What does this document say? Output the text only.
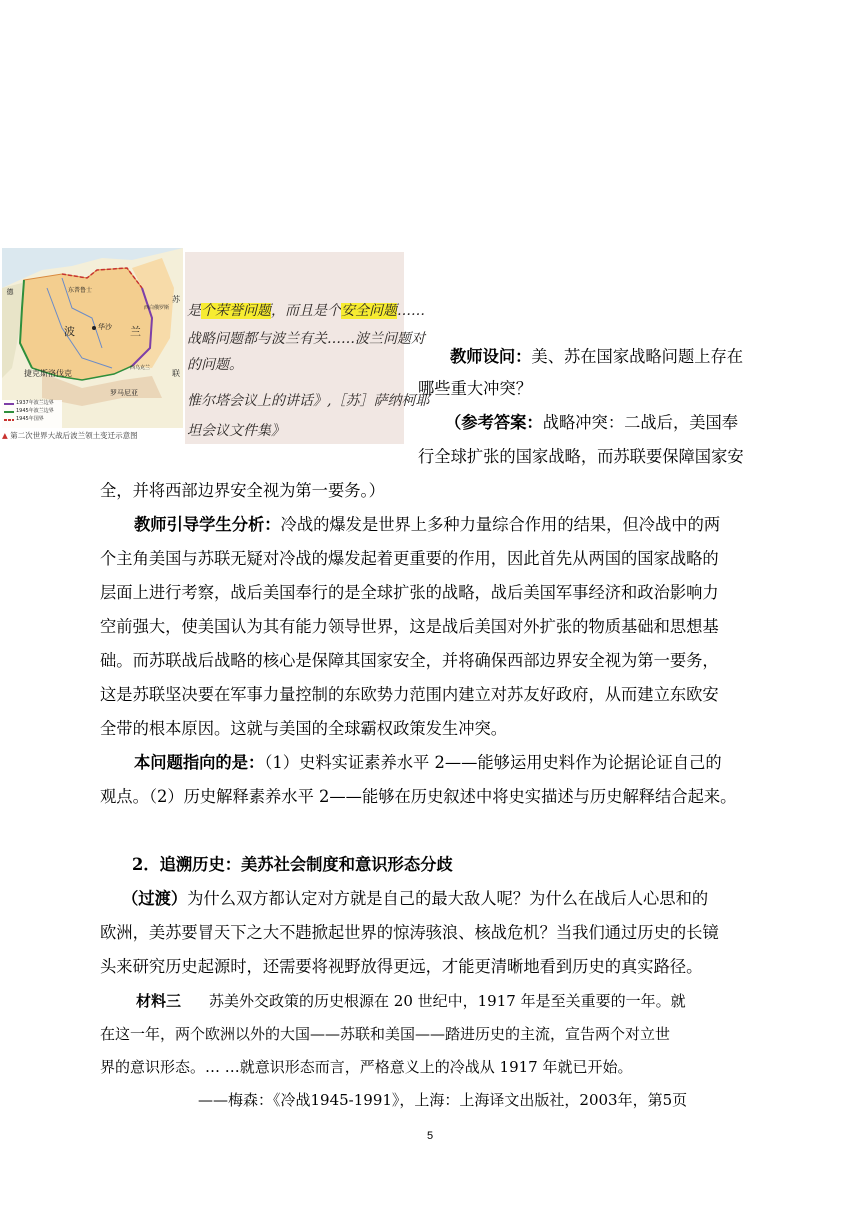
东普鲁士
华沙
波	兰
苏
联
西白俄罗斯
西乌克兰
德
捷克斯洛伐克
罗马尼亚
1937年波兰边界
1945年波兰边界
1945年国界
▲ 第二次世界大战后波兰领土变迁示意图
是个荣誉问题，而且是个安全问题……
战略问题都与波兰有关……波兰问题对
的问题。
惟尔塔会议上的讲话》,［苏］萨纳柯耶
坦会议文件集》
教师设问：美、苏在国家战略问题上存在
哪些重大冲突？
（参考答案：战略冲突：二战后，美国奉
行全球扩张的国家战略，而苏联要保障国家安
全，并将西部边界安全视为第一要务。）
教师引导学生分析：冷战的爆发是世界上多种力量综合作用的结果，但冷战中的两
个主角美国与苏联无疑对冷战的爆发起着更重要的作用，因此首先从两国的国家战略的
层面上进行考察，战后美国奉行的是全球扩张的战略，战后美国军事经济和政治影响力
空前强大，使美国认为其有能力领导世界，这是战后美国对外扩张的物质基础和思想基
础。而苏联战后战略的核心是保障其国家安全，并将确保西部边界安全视为第一要务，
这是苏联坚决要在军事力量控制的东欧势力范围内建立对苏友好政府，从而建立东欧安
全带的根本原因。这就与美国的全球霸权政策发生冲突。
本问题指向的是：（1）史料实证素养水平 2——能够运用史料作为论据论证自己的
观点。（2）历史解释素养水平 2——能够在历史叙述中将史实描述与历史解释结合起来。
2．追溯历史：美苏社会制度和意识形态分歧
（过渡）为什么双方都认定对方就是自己的最大敌人呢？为什么在战后人心思和的
欧洲，美苏要冒天下之大不韪掀起世界的惊涛骇浪、核战危机？当我们通过历史的长镜
头来研究历史起源时，还需要将视野放得更远，才能更清晰地看到历史的真实路径。
材料三 苏美外交政策的历史根源在 20 世纪中，1917 年是至关重要的一年。就
在这一年，两个欧洲以外的大国——苏联和美国——踏进历史的主流，宣告两个对立世
界的意识形态。… …就意识形态而言，严格意义上的冷战从 1917 年就已开始。
——梅森：《冷战1945-1991》，上海：上海译文出版社，2003年，第5页
5
